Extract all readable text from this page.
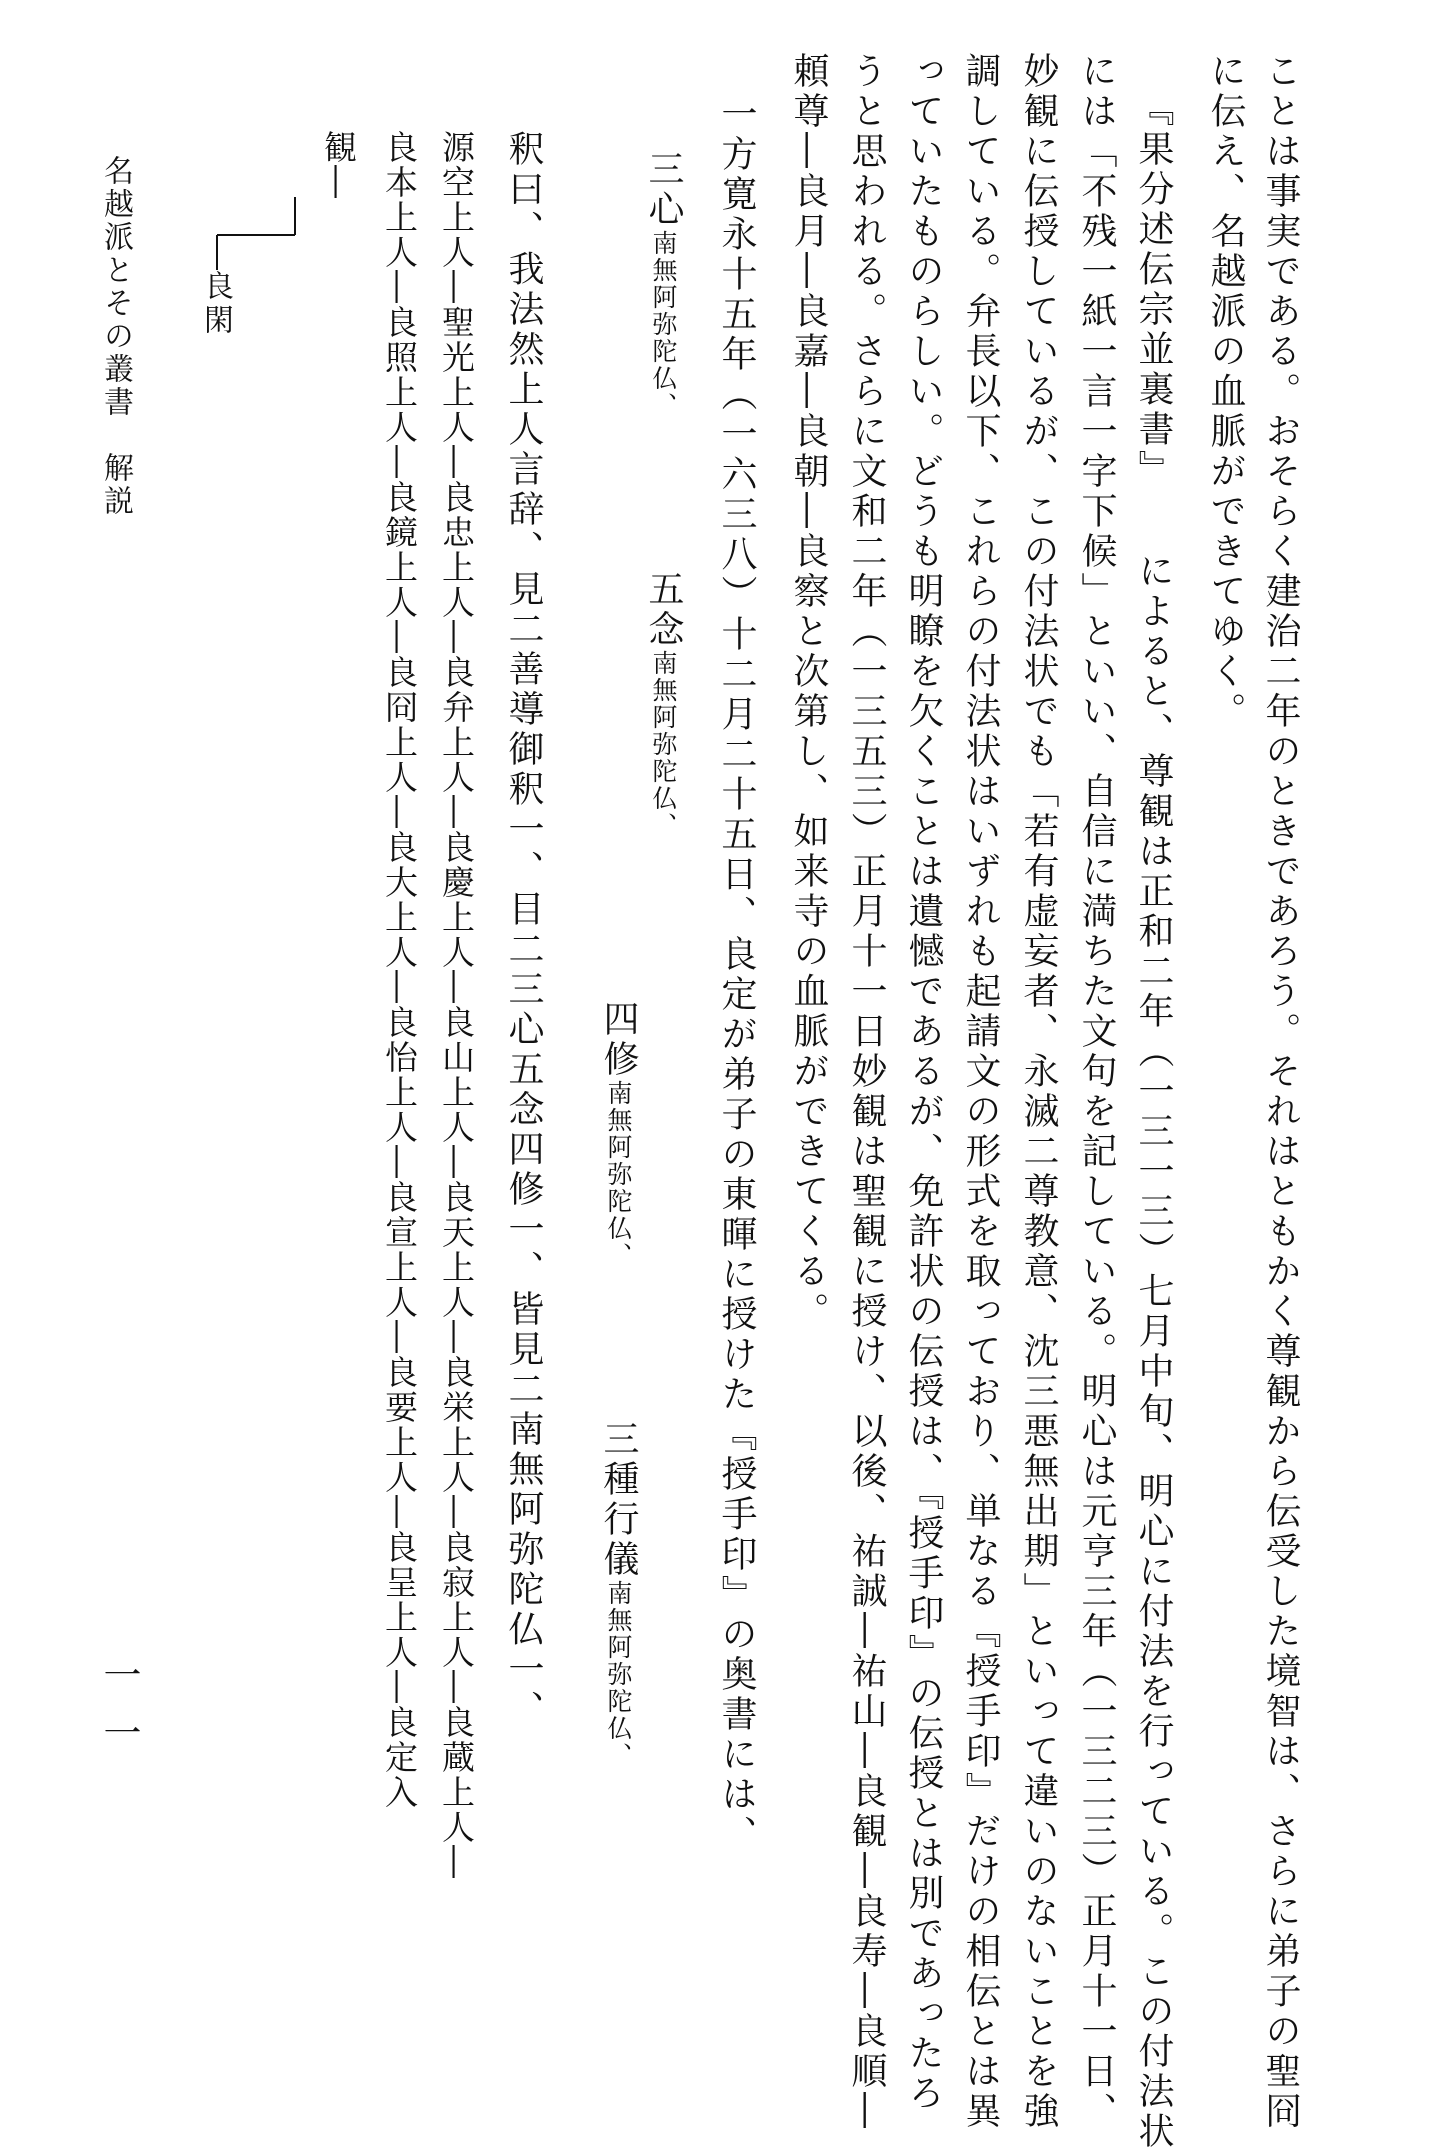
ことは事実である。おそらく建治二年のときであろう。それはともかく尊観から伝受した境智は、さらに弟子の聖冏
に伝え、名越派の血脈ができてゆく。
『果分述伝宗並裏書』　　によると、尊観は正和二年（一三一三）七月中旬、明心に付法を行っている。この付法状
には「不残一紙一言一字下候」といい、自信に満ちた文句を記している。明心は元亨三年（一三二三）正月十一日、
妙観に伝授しているが、この付法状でも「若有虚妄者、永滅二尊教意、沈三悪無出期」といって違いのないことを強
調している。弁長以下、これらの付法状はいずれも起請文の形式を取っており、単なる『授手印』だけの相伝とは異
っていたものらしい。どうも明瞭を欠くことは遺憾であるが、免許状の伝授は、『授手印』の伝授とは別であったろ
うと思われる。さらに文和二年（一三五三）正月十一日妙観は聖観に授け、以後、祐誠―祐山―良観―良寿―良順―
頼尊―良月―良嘉―良朝―良察と次第し、如来寺の血脈ができてくる。
一方寛永十五年（一六三八）十二月二十五日、良定が弟子の東暉に授けた『授手印』の奥書には、
三心南無阿弥陀仏、
五念南無阿弥陀仏、
四修南無阿弥陀仏、
三種行儀南無阿弥陀仏、
釈曰、我法然上人言辞、見二善導御釈一、目二三心五念四修一、皆見二南無阿弥陀仏一、
源空上人―聖光上人―良忠上人―良弁上人―良慶上人―良山上人―良天上人―良栄上人―良寂上人―良蔵上人―
良本上人―良照上人―良鏡上人―良冏上人―良大上人―良怡上人―良宣上人―良要上人―良呈上人―良定入
観―
良閑
名越派とその叢書　解説
一一
